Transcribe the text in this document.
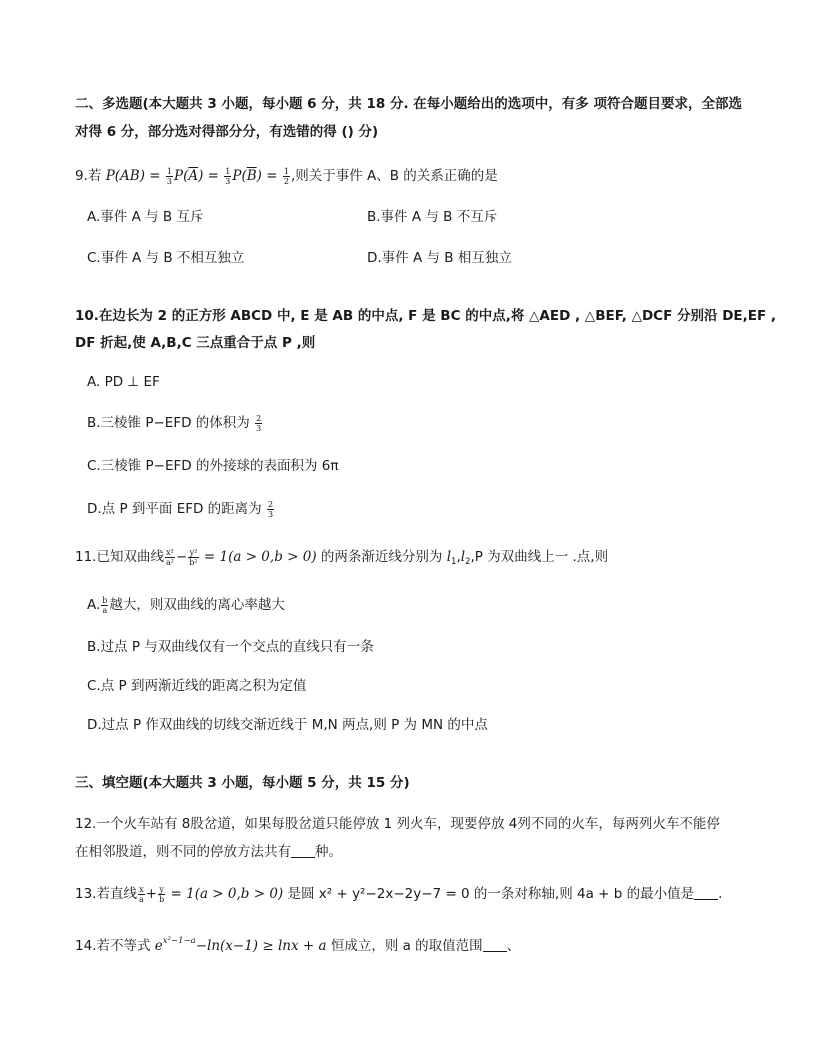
二、多选题(本大题共 3 小题，每小题 6 分，共 18 分. 在每小题给出的选项中，有多 项符合题目要求，全部选
对得 6 分，部分选对得部分分，有选错的得 () 分)
9.若 $P(AB) = \frac{1}{3} P(\overline{A}) = \frac{1}{3} P(\overline{B}) = \frac{1}{2}$ ,则关于事件 A、B 的关系正确的是
A.事件 A 与 B 互斥	B.事件 A 与 B 不互斥
C.事件 A 与 B 不相互独立	D.事件 A 与 B 相互独立
10.在边长为 2 的正方形 ABCD 中, E 是 AB 的中点, F 是 BC 的中点,将 △AED , △BEF, △DCF 分别沿 DE,EF ,
DF 折起,使 A,B,C 三点重合于点 P ,则
A. PD ⊥ EF
B.三棱锥 P−EFD 的体积为 $\frac{2}{3}$
C.三棱锥 P−EFD 的外接球的表面积为 6π
D.点 P 到平面 EFD 的距离为 $\frac{2}{3}$
11.已知双曲线 $\frac{\text{x²}}{\text{a²}} - \frac{\text{y²}}{\text{b²}} = 1(a > 0,b > 0)$ 的两条渐近线分别为 $l_1,l_2,P$ 为双曲线上一 .点,则
A. $\frac{b}{a}$ 越大，则双曲线的离心率越大
B.过点 P 与双曲线仅有一个交点的直线只有一条
C.点 P 到两渐近线的距离之积为定值
D.过点 P 作双曲线的切线交渐近线于 M,N 两点,则 P 为 MN 的中点
三、填空题(本大题共 3 小题，每小题 5 分，共 15 分)
12.一个火车站有 8股岔道，如果每股岔道只能停放 1 列火车，现要停放 4列不同的火车，每两列火车不能停
在相邻股道，则不同的停放方法共有 种。
13.若直线 $\frac{x}{a} + \frac{y}{b} = 1(a > 0,b > 0)$ 是圆 x² + y²−2x−2y−7 = 0 的一条对称轴,则 4a + b 的最小值是 .
14.若不等式 $e^{x^2-1-a}-\ln(x-1) \ge \ln x + a$ 恒成立，则 a 的取值范围 、
